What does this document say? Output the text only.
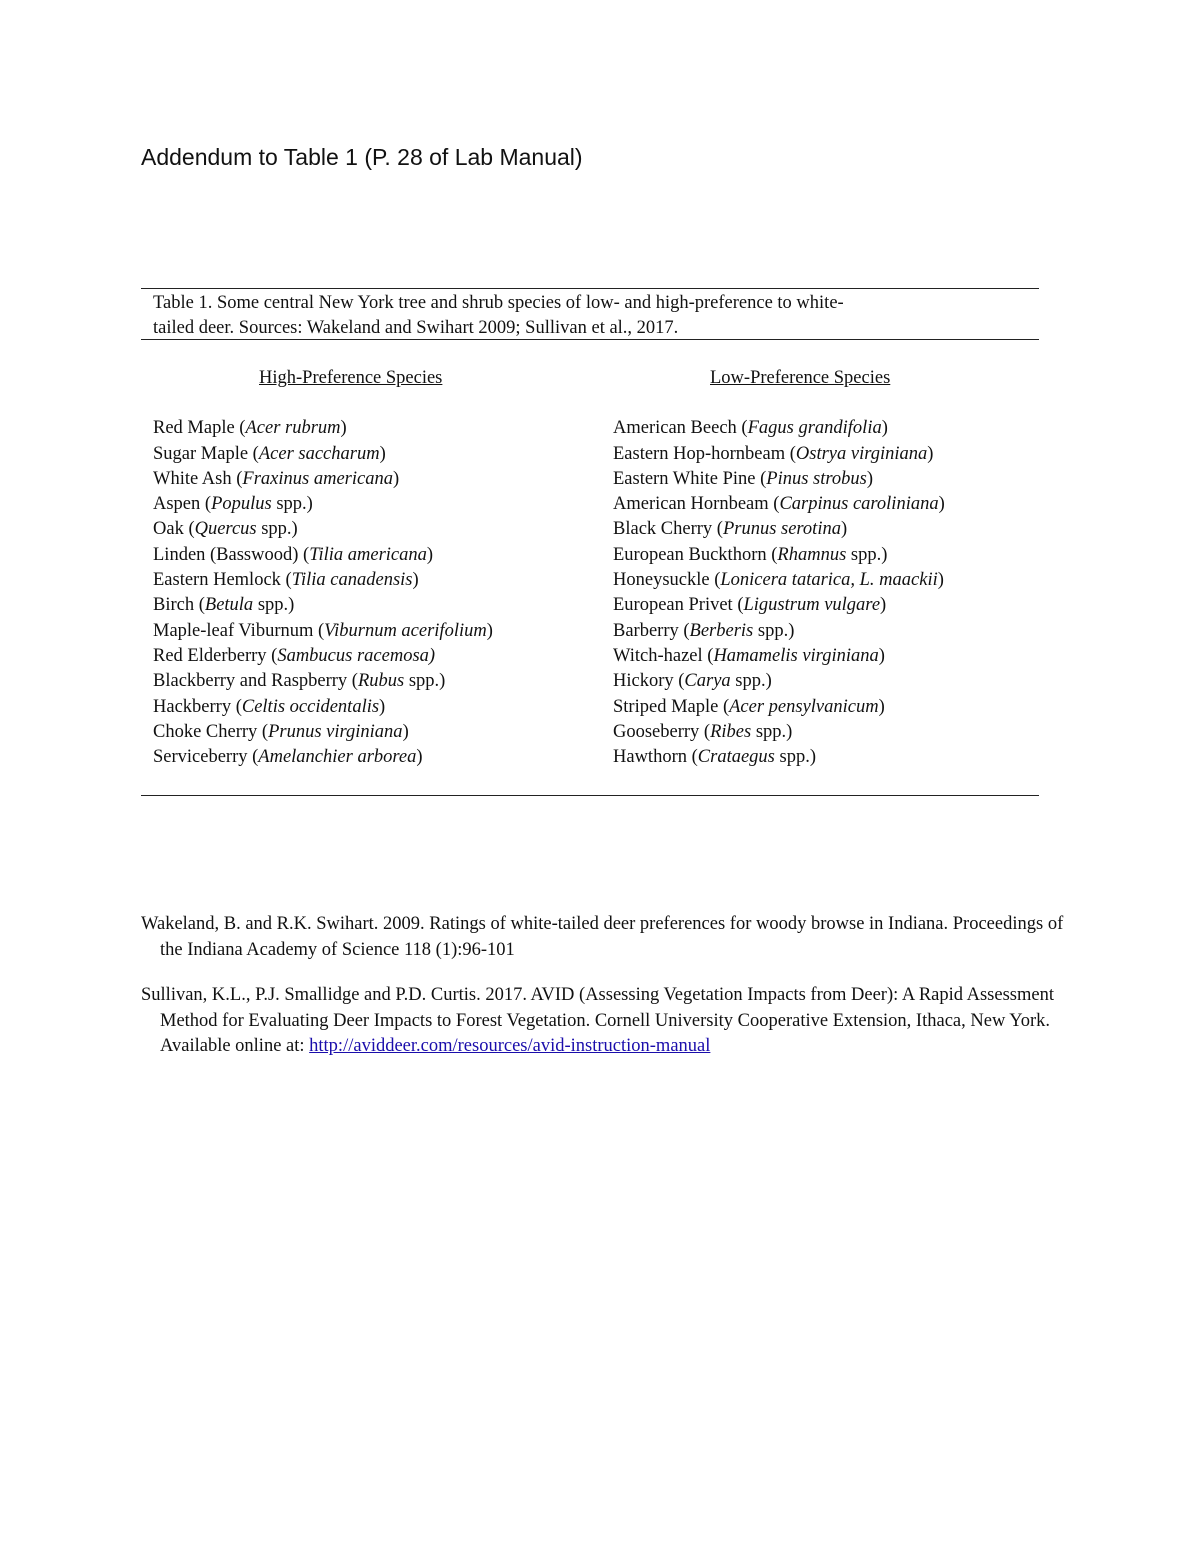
Addendum to Table 1 (P. 28 of Lab Manual)
Table 1. Some central New York tree and shrub species of low- and high-preference to white-
tailed deer. Sources: Wakeland and Swihart 2009; Sullivan et al., 2017.
High-Preference Species
Red Maple (Acer rubrum)
Sugar Maple (Acer saccharum)
White Ash (Fraxinus americana)
Aspen (Populus spp.)
Oak (Quercus spp.)
Linden (Basswood) (Tilia americana)
Eastern Hemlock (Tilia canadensis)
Birch (Betula spp.)
Maple-leaf Viburnum (Viburnum acerifolium)
Red Elderberry (Sambucus racemosa)
Blackberry and Raspberry (Rubus spp.)
Hackberry (Celtis occidentalis)
Choke Cherry (Prunus virginiana)
Serviceberry (Amelanchier arborea)
Low-Preference Species
American Beech (Fagus grandifolia)
Eastern Hop-hornbeam (Ostrya virginiana)
Eastern White Pine (Pinus strobus)
American Hornbeam (Carpinus caroliniana)
Black Cherry (Prunus serotina)
European Buckthorn (Rhamnus spp.)
Honeysuckle (Lonicera tatarica, L. maackii)
European Privet (Ligustrum vulgare)
Barberry (Berberis spp.)
Witch-hazel (Hamamelis virginiana)
Hickory (Carya spp.)
Striped Maple (Acer pensylvanicum)
Gooseberry (Ribes spp.)
Hawthorn (Crataegus spp.)
Wakeland, B. and R.K. Swihart. 2009. Ratings of white-tailed deer preferences for woody browse in Indiana. Proceedings of the Indiana Academy of Science 118 (1):96-101
Sullivan, K.L., P.J. Smallidge and P.D. Curtis. 2017. AVID (Assessing Vegetation Impacts from Deer): A Rapid Assessment Method for Evaluating Deer Impacts to Forest Vegetation. Cornell University Cooperative Extension, Ithaca, New York. Available online at: http://aviddeer.com/resources/avid-instruction-manual
